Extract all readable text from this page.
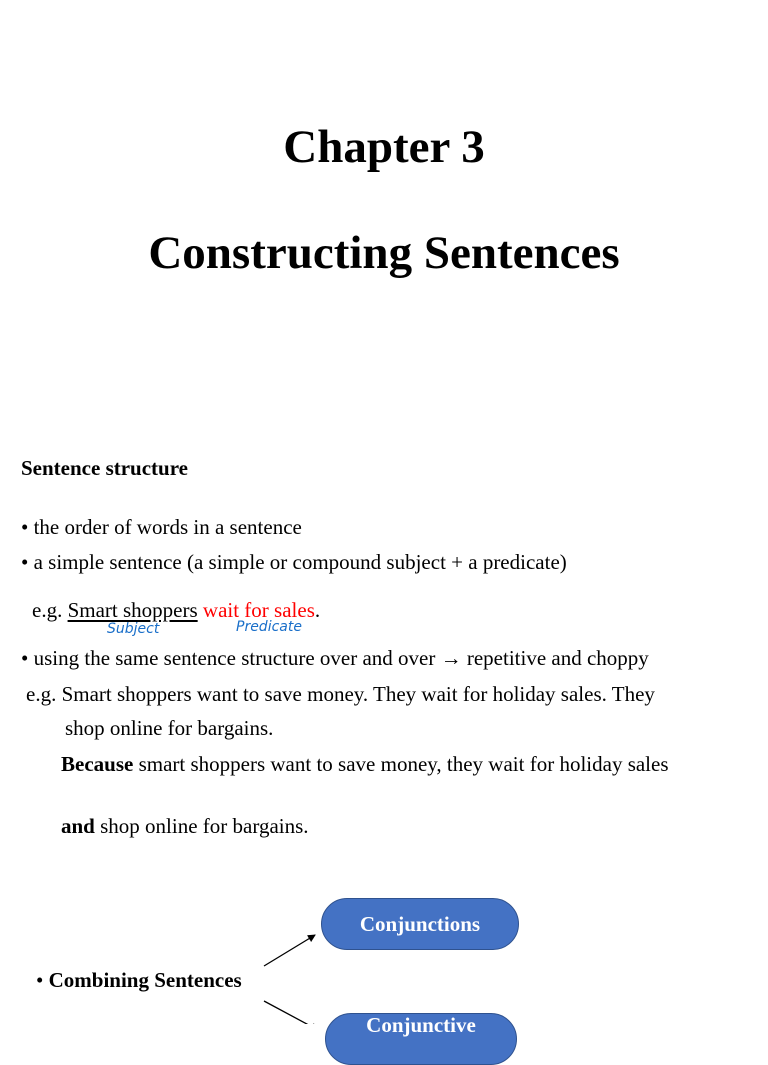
Chapter 3
Constructing Sentences
Sentence structure
• the order of words in a sentence
• a simple sentence (a simple or compound subject + a predicate)
e.g. Smart shoppers wait for sales.
Subject	Predicate
• using the same sentence structure over and over → repetitive and choppy
e.g. Smart shoppers want to save money. They wait for holiday sales. They
shop online for bargains.
Because smart shoppers want to save money, they wait for holiday sales
and shop online for bargains.
• Combining Sentences
Conjunctions
Conjunctive
